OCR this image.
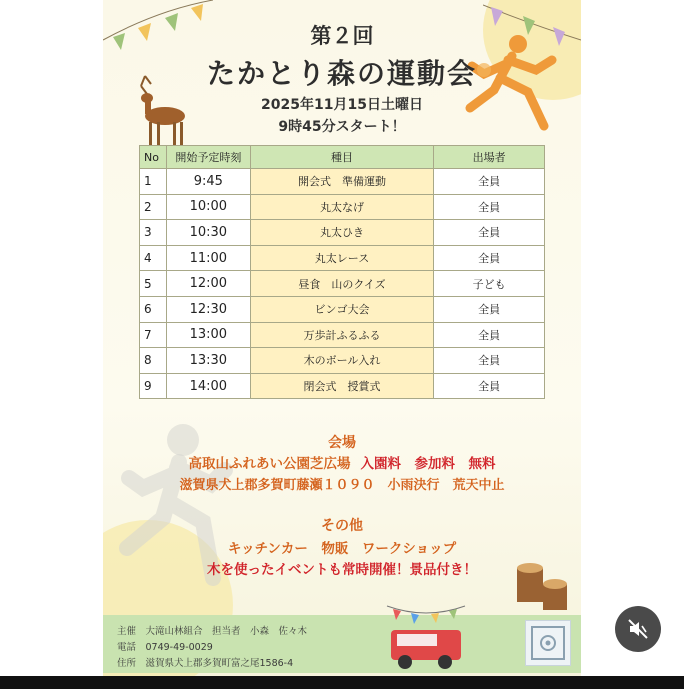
第２回
たかとり森の運動会
2025年11月15日土曜日
9時45分スタート！
No	開始予定時刻	種目	出場者
1	9:45	開会式　準備運動	全員
2	10:00	丸太なげ	全員
3	10:30	丸太ひき	全員
4	11:00	丸太レース	全員
5	12:00	昼食　山のクイズ	子ども
6	12:30	ビンゴ大会	全員
7	13:00	万歩計ふるふる	全員
8	13:30	木のボール入れ	全員
9	14:00	閉会式　授賞式	全員
会場
高取山ふれあい公園芝広場 入園料　参加料　無料
滋賀県犬上郡多賀町藤瀬１０９０　小雨決行　荒天中止
その他
キッチンカー　物販　ワークショップ
木を使ったイベントも常時開催！景品付き！
主催　大滝山林組合　担当者　小森　佐々木
電話　0749-49-0029
住所　滋賀県犬上郡多賀町富之尾1586-4
